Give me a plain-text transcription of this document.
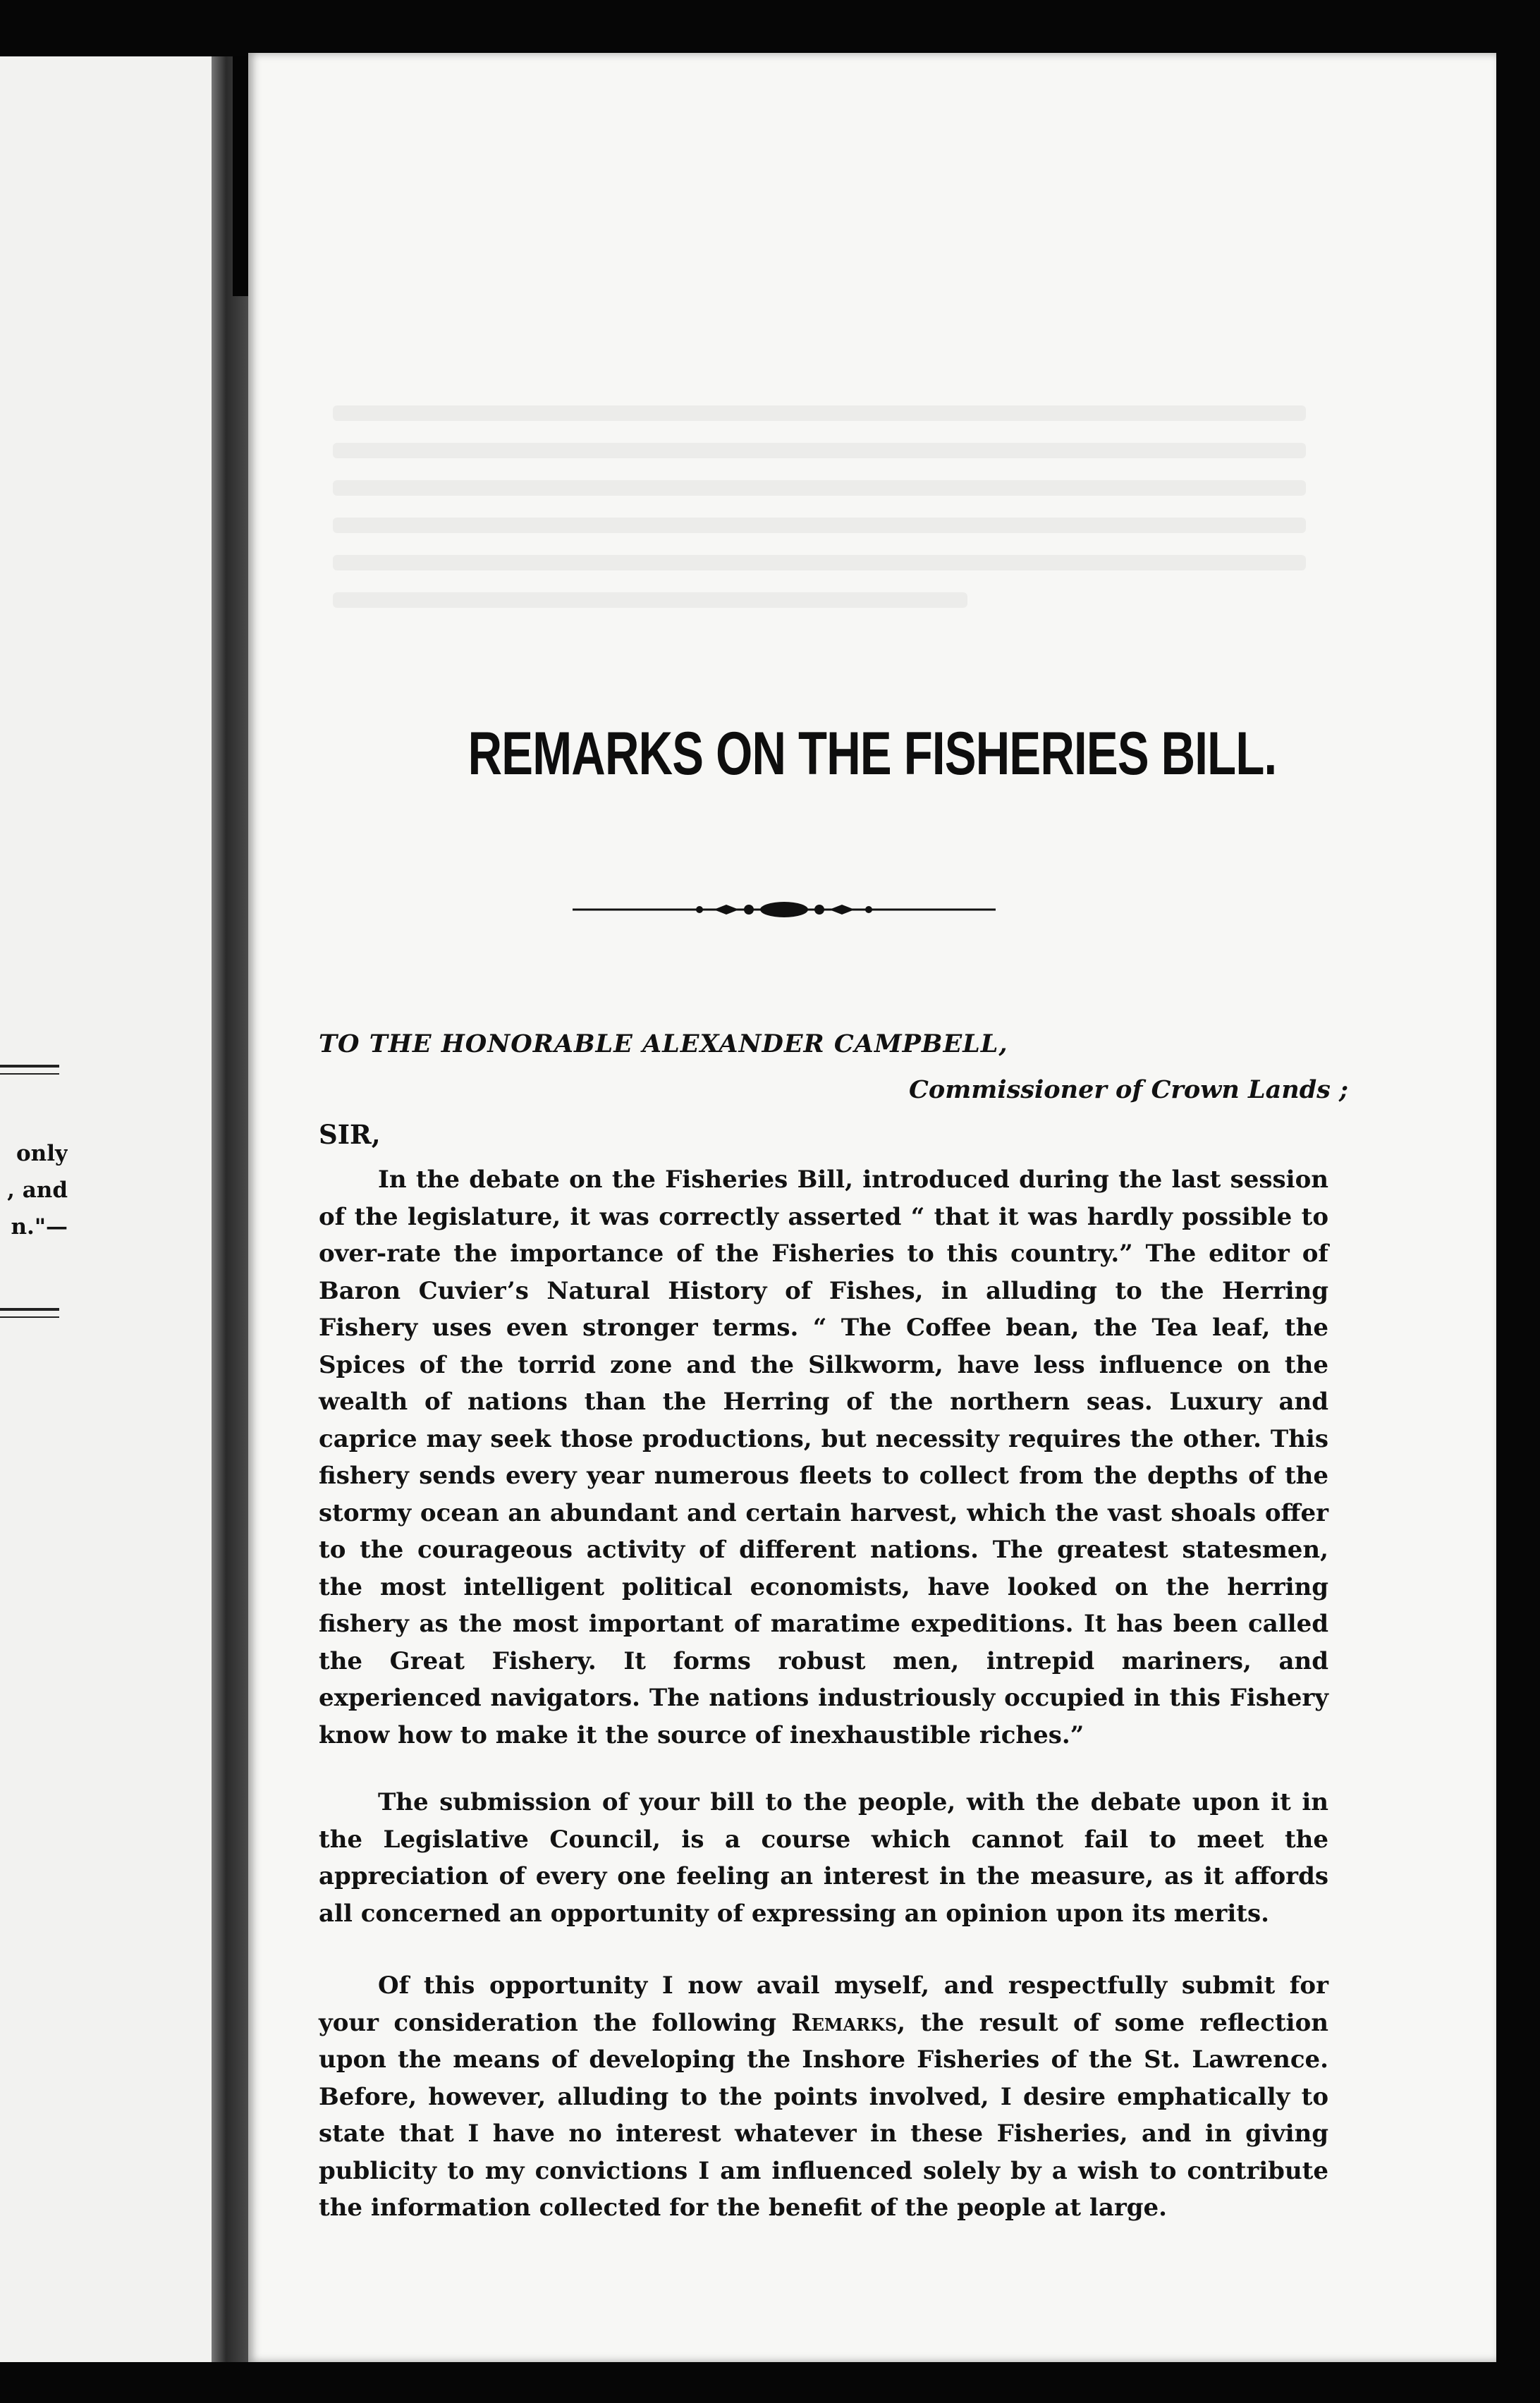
only
, and
n."—
REMARKS ON THE FISHERIES BILL.
TO THE HONORABLE ALEXANDER CAMPBELL,
Commissioner of Crown Lands ;
SIR,

In the debate on the Fisheries Bill, introduced during the last session of the legislature, it was correctly asserted “ that it was hardly possible to over-rate the importance of the Fisheries to this country.” The editor of Baron Cuvier’s Natural History of Fishes, in alluding to the Herring Fishery uses even stronger terms. “ The Coffee bean, the Tea leaf, the Spices of the torrid zone and the Silkworm, have less influence on the wealth of nations than the Herring of the northern seas. Luxury and caprice may seek those productions, but necessity requires the other. This fishery sends every year numerous fleets to collect from the depths of the stormy ocean an abundant and certain harvest, which the vast shoals offer to the courageous activity of different nations. The greatest statesmen, the most intelligent political economists, have looked on the herring fishery as the most important of maratime expeditions. It has been called the Great Fishery. It forms robust men, intrepid mariners, and experienced navigators. The nations industriously occupied in this Fishery know how to make it the source of inexhaustible riches.”

The submission of your bill to the people, with the debate upon it in the Legislative Council, is a course which cannot fail to meet the appreciation of every one feeling an interest in the measure, as it affords all concerned an opportunity of expressing an opinion upon its merits.

Of this opportunity I now avail myself, and respectfully submit for your consideration the following Remarks, the result of some reflection upon the means of developing the Inshore Fisheries of the St. Lawrence. Before, however, alluding to the points involved, I desire emphatically to state that I have no interest whatever in these Fisheries, and in giving publicity to my convictions I am influenced solely by a wish to contribute the information collected for the benefit of the people at large.
